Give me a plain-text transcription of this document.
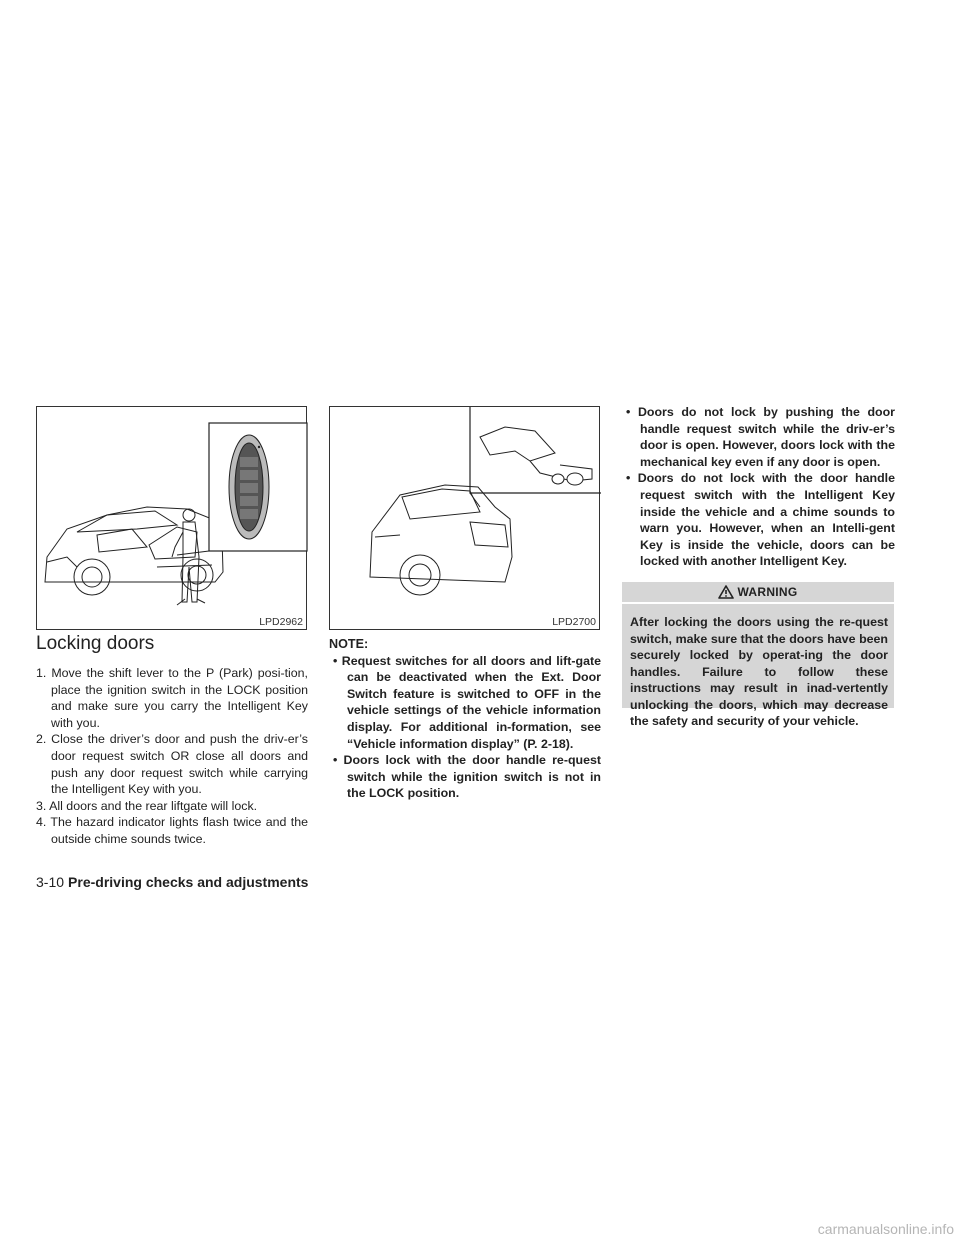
LPD2962	LPD2700
Locking doors

1. Move the shift lever to the P (Park) posi-tion, place the ignition switch in the LOCK position and make sure you carry the Intelligent Key with you.

2. Close the driver’s door and push the driv-er’s door request switch OR close all doors and push any door request switch while carrying the Intelligent Key with you.

3. All doors and the rear liftgate will lock.

4. The hazard indicator lights flash twice and the outside chime sounds twice.

NOTE:

• Request switches for all doors and lift-gate can be deactivated when the Ext. Door Switch feature is switched to OFF in the vehicle settings of the vehicle information display. For additional in-formation, see “Vehicle information display” (P. 2-18).

• Doors lock with the door handle re-quest switch while the ignition switch is not in the LOCK position.

• Doors do not lock by pushing the door handle request switch while the driv-er’s door is open. However, doors lock with the mechanical key even if any door is open.

• Doors do not lock with the door handle request switch with the Intelligent Key inside the vehicle and a chime sounds to warn you. However, when an Intelli-gent Key is inside the vehicle, doors can be locked with another Intelligent Key.

WARNING

After locking the doors using the re-quest switch, make sure that the doors have been securely locked by operat-ing the door handles. Failure to follow these instructions may result in inad-vertently unlocking the doors, which may decrease the safety and security of your vehicle.

3-10 Pre-driving checks and adjustments
carmanualsonline.info
